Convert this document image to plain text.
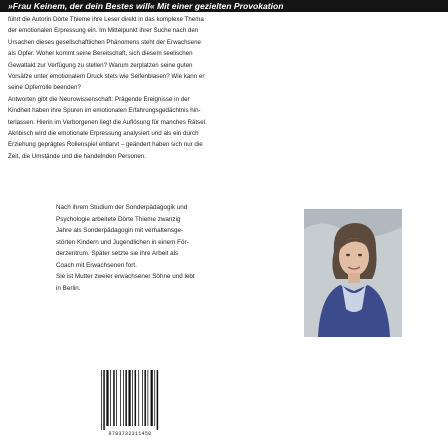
»Frau Keinem, der dein Bestes will« Mit einer gezielten Provokation

führt die Autorin Dörte Thieme ihre Leser direkt in das komplexe Thema

der emotionalen Erpressung ein. Im Mittelpunkt ihrer Suche nach den

Ursachen dieses gesellschaftlichen Phänomens steht der Erwachsene

als Opfer. Woher kommt seine Bereitschaft, sich diesem seelischen

Gewaltakt zur Verfügung zu stellen? Warum zerplatzen seine guten

Vorsätze unter emotionalem Druck stets wie Seifenblasen? Wie kann er

seine Opferrolle beenden?

Antworten gibt die Neurowissenschaft: Prägende Ereignisse in der

Kindheit haben ihre Spuren im emotionalen Erfahrungsgedächtnis hin-

terlassen. Hierin im Verborgenen liegt die Auflösung für manches Rätsel.

Akribisch wird die emotionale Erpressung analysiert und als ein durch

Erziehung geprägtes Rollenspiel entlarvt – geändert haben sich nur die

Zeit, die Umstände und die handelnden Personen.

Nach ihrem Studium der Sonderpädagogik und
Psychologie arbeitete Dörte Thieme zwanzig
Jahre als Sonderpädagogin mit verhaltensge-
störten Kindern und Jugendlichen in einem För-
derzentrum. Später setzte sie ihre Arbeit als
Coach mit Erwachsenen fort.
Sie ist Mutter zweier erwachsener Söhne und lebt
in Berlin.
9783732311450
